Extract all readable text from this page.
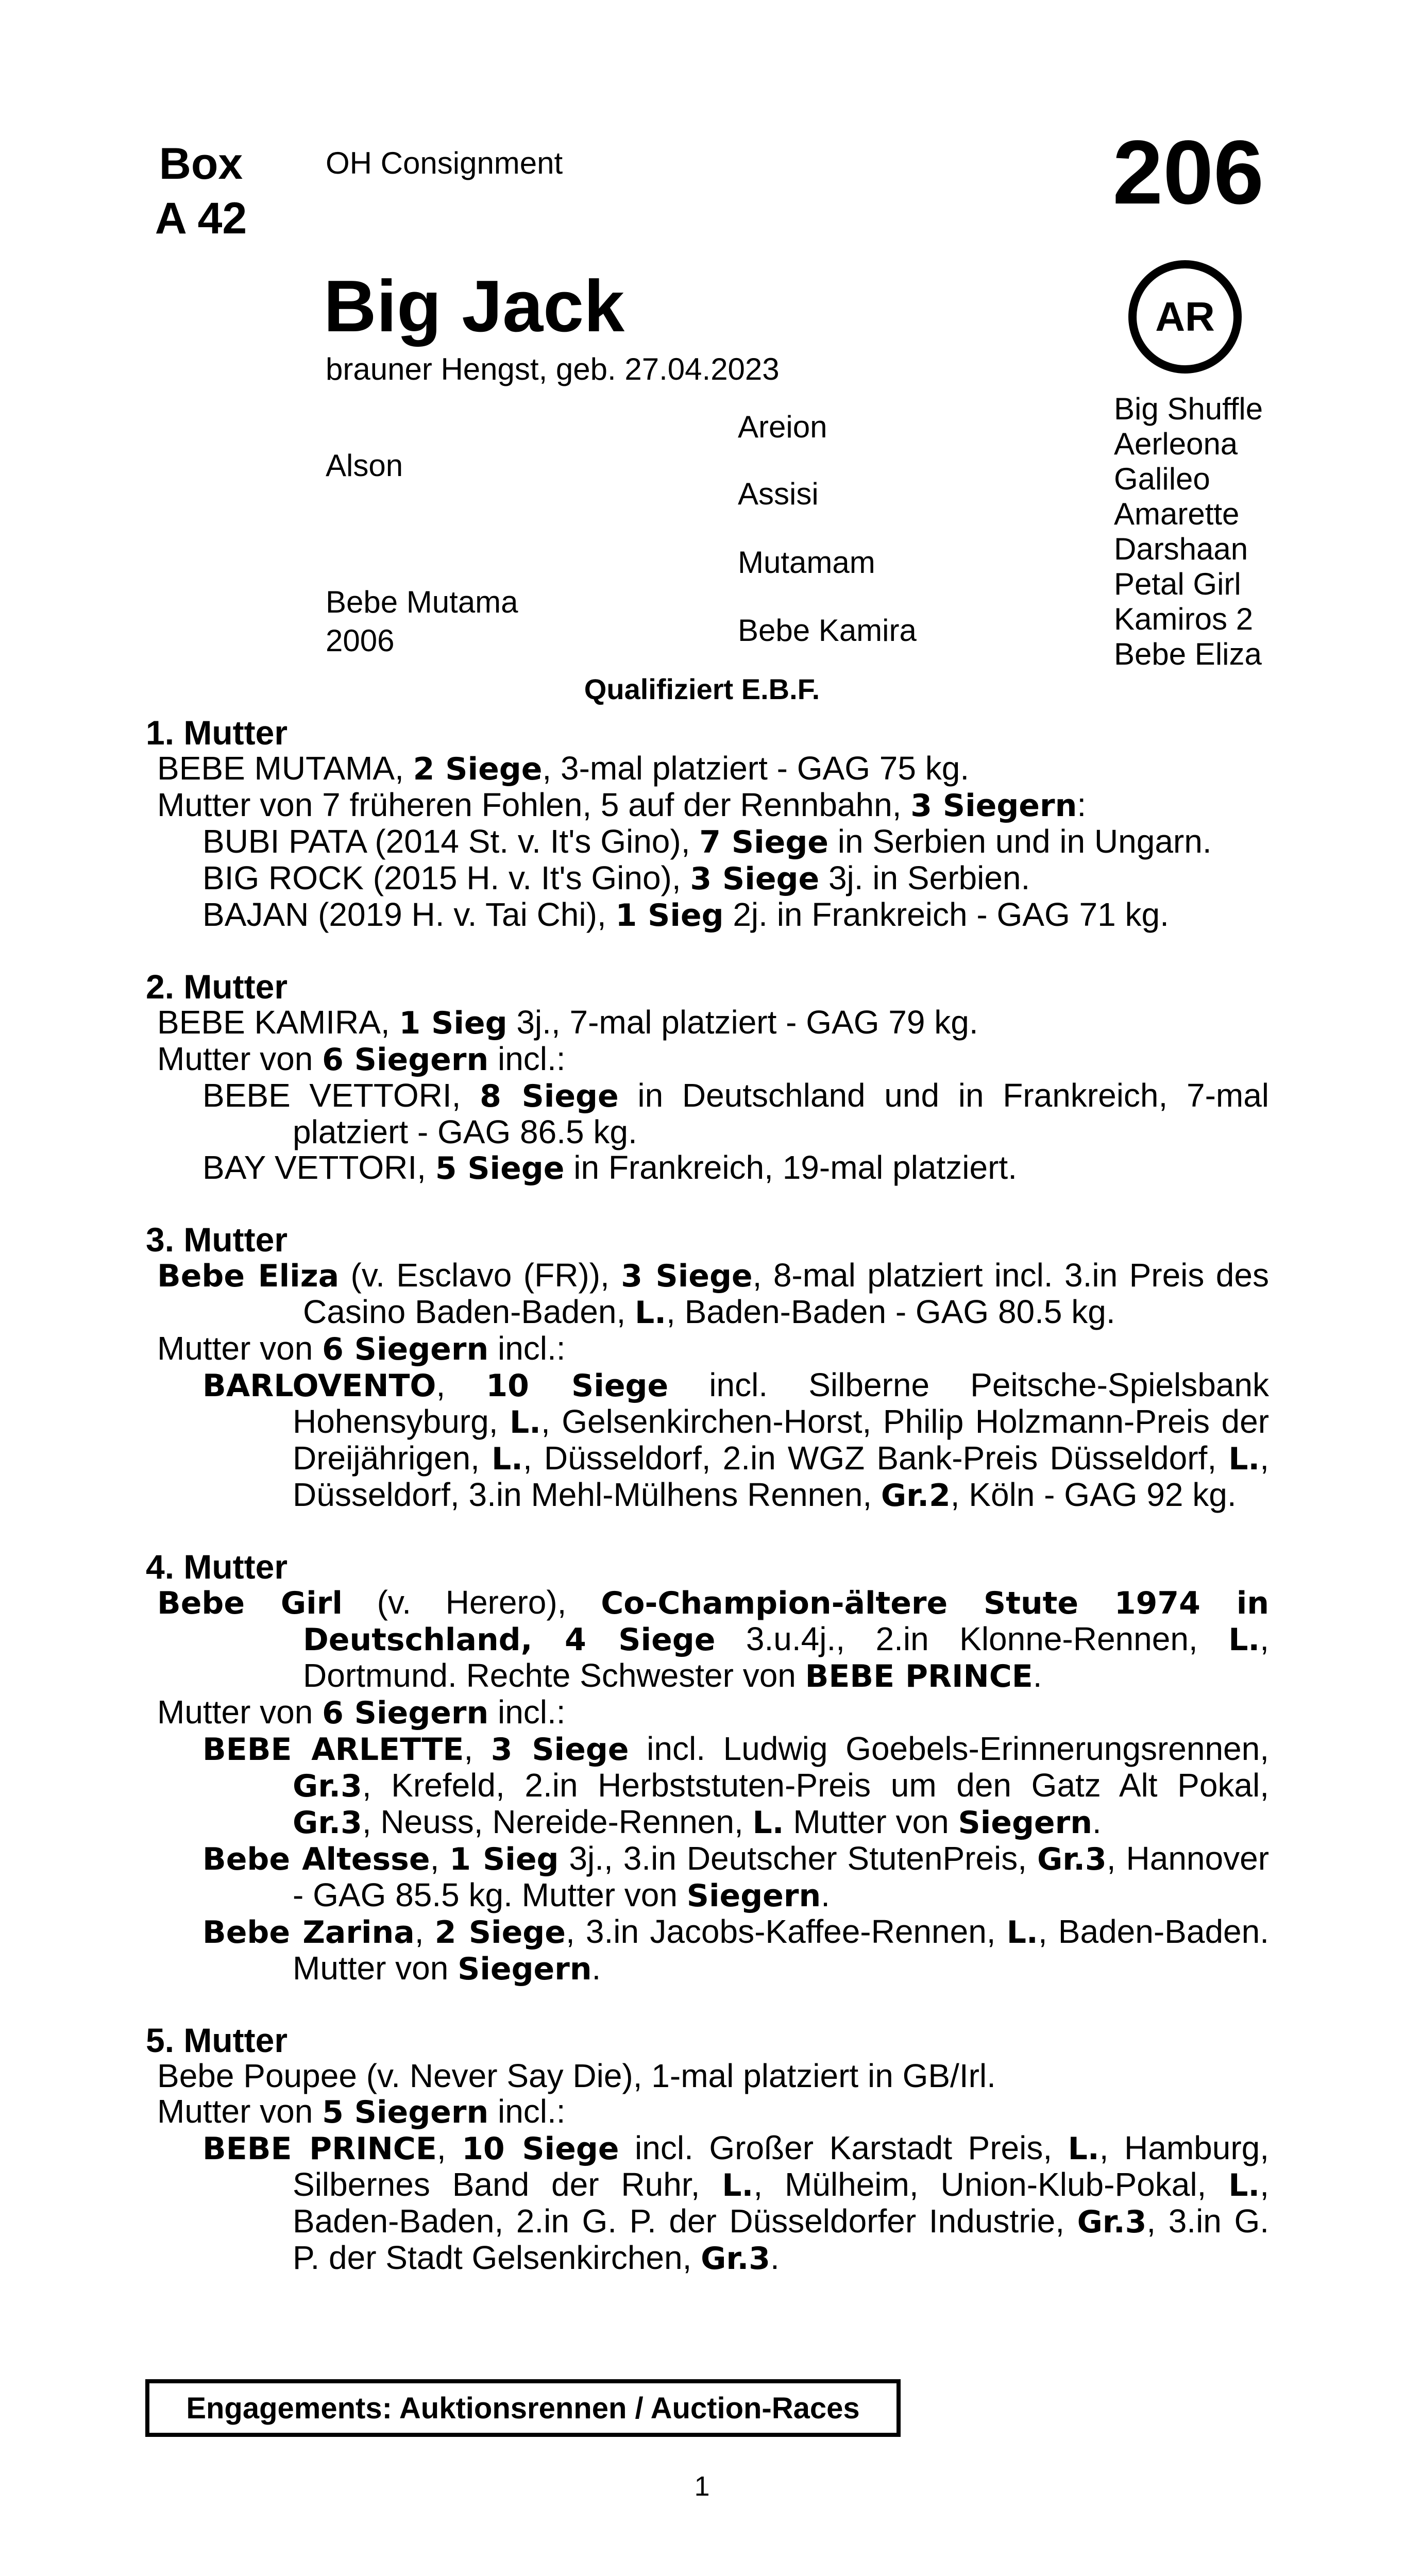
Box
A 42
OH Consignment	206
AR
Big Jack
brauner Hengst, geb. 27.04.2023
Alson
Bebe Mutama
2006
Areion
Assisi
Mutamam
Bebe Kamira
Big Shuffle
Aerleona
Galileo
Amarette
Darshaan
Petal Girl
Kamiros 2
Bebe Eliza
Qualifiziert E.B.F.
1. Mutter
BEBE MUTAMA, 2 Siege, 3-mal platziert - GAG 75 kg.
Mutter von 7 früheren Fohlen, 5 auf der Rennbahn, 3 Siegern:
BUBI PATA (2014 St. v. It's Gino), 7 Siege in Serbien und in Ungarn.
BIG ROCK (2015 H. v. It's Gino), 3 Siege 3j. in Serbien.
BAJAN (2019 H. v. Tai Chi), 1 Sieg 2j. in Frankreich - GAG 71 kg.
2. Mutter
BEBE KAMIRA, 1 Sieg 3j., 7-mal platziert - GAG 79 kg.
Mutter von 6 Siegern incl.:
BEBE VETTORI, 8 Siege in Deutschland und in Frankreich, 7-mal platziert - GAG 86.5 kg.
BAY VETTORI, 5 Siege in Frankreich, 19-mal platziert.
3. Mutter
Bebe Eliza (v. Esclavo (FR)), 3 Siege, 8-mal platziert incl. 3.in Preis des Casino Baden-Baden, L., Baden-Baden - GAG 80.5 kg.
Mutter von 6 Siegern incl.:
BARLOVENTO, 10 Siege incl. Silberne Peitsche-Spielsbank Hohensyburg, L., Gelsenkirchen-Horst, Philip Holzmann-Preis der Dreijährigen, L., Düsseldorf, 2.in WGZ Bank-Preis Düsseldorf, L., Düsseldorf, 3.in Mehl-Mülhens Rennen, Gr.2, Köln - GAG 92 kg.
4. Mutter
Bebe Girl (v. Herero), Co-Champion-ältere Stute 1974 in Deutschland, 4 Siege 3.u.4j., 2.in Klonne-Rennen, L., Dortmund. Rechte Schwester von BEBE PRINCE.
Mutter von 6 Siegern incl.:
BEBE ARLETTE, 3 Siege incl. Ludwig Goebels-Erinnerungsrennen, Gr.3, Krefeld, 2.in Herbststuten-Preis um den Gatz Alt Pokal, Gr.3, Neuss, Nereide-Rennen, L. Mutter von Siegern.
Bebe Altesse, 1 Sieg 3j., 3.in Deutscher StutenPreis, Gr.3, Hannover - GAG 85.5 kg. Mutter von Siegern.
Bebe Zarina, 2 Siege, 3.in Jacobs-Kaffee-Rennen, L., Baden-Baden. Mutter von Siegern.
5. Mutter
Bebe Poupee (v. Never Say Die), 1-mal platziert in GB/Irl.
Mutter von 5 Siegern incl.:
BEBE PRINCE, 10 Siege incl. Großer Karstadt Preis, L., Hamburg, Silbernes Band der Ruhr, L., Mülheim, Union-Klub-Pokal, L., Baden-Baden, 2.in G. P. der Düsseldorfer Industrie, Gr.3, 3.in G. P. der Stadt Gelsenkirchen, Gr.3.
Engagements: Auktionsrennen / Auction-Races
1
